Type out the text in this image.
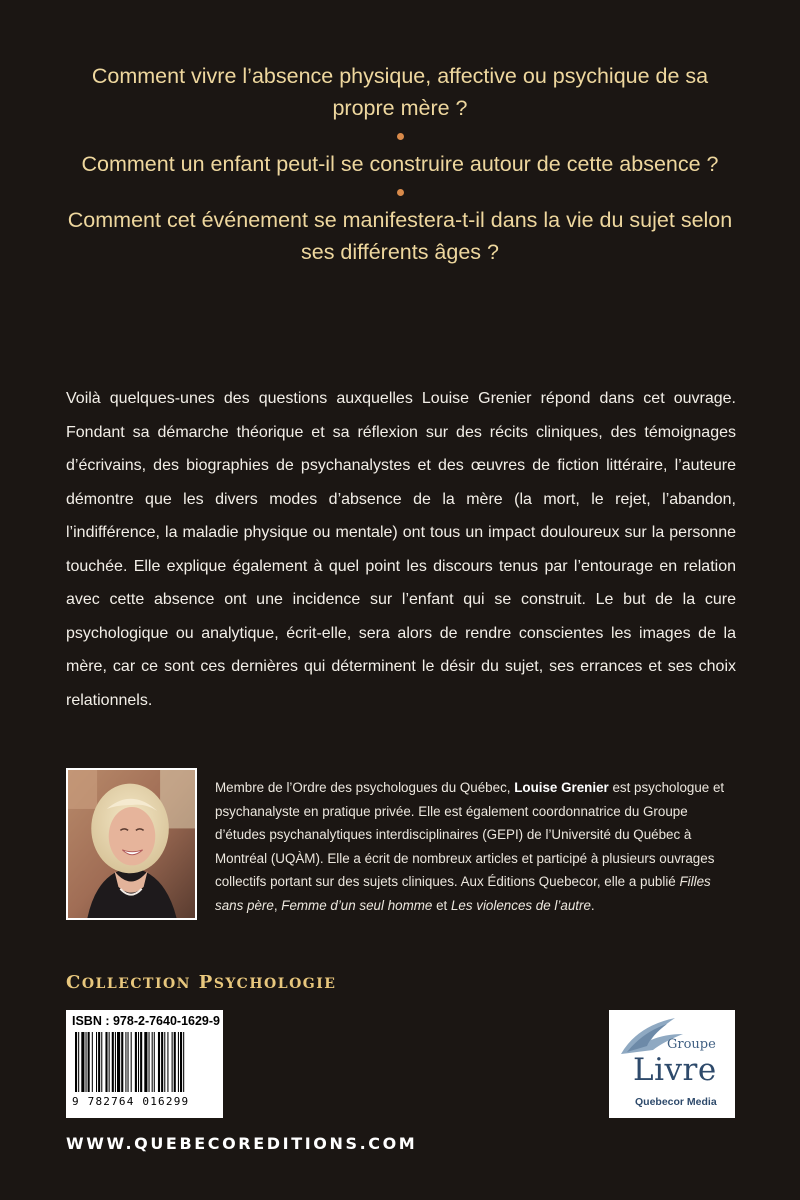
Comment vivre l’absence physique, affective ou psychique de sa propre mère ?

Comment un enfant peut-il se construire autour de cette absence ?

Comment cet événement se manifestera-t-il dans la vie du sujet selon ses différents âges ?

Voilà quelques-unes des questions auxquelles Louise Grenier répond dans cet ouvrage. Fondant sa démarche théorique et sa réflexion sur des récits cliniques, des témoignages d’écrivains, des biographies de psychanalystes et des œuvres de fiction littéraire, l’auteure démontre que les divers modes d’absence de la mère (la mort, le rejet, l’abandon, l’indifférence, la maladie physique ou mentale) ont tous un impact douloureux sur la personne touchée. Elle explique également à quel point les discours tenus par l’entourage en relation avec cette absence ont une incidence sur l’enfant qui se construit. Le but de la cure psychologique ou analytique, écrit-elle, sera alors de rendre conscientes les images de la mère, car ce sont ces dernières qui déterminent le désir du sujet, ses errances et ses choix relationnels.

Membre de l’Ordre des psychologues du Québec, Louise Grenier est psychologue et psychanalyste en pratique privée. Elle est également coordonnatrice du Groupe d’études psychanalytiques interdisciplinaires (GEPI) de l’Université du Québec à Montréal (UQÀM). Elle a écrit de nombreux articles et participé à plusieurs ouvrages collectifs portant sur des sujets cliniques. Aux Éditions Quebecor, elle a publié Filles sans père, Femme d’un seul homme et Les violences de l’autre.

COLLECTION PSYCHOLOGIE
ISBN : 978-2-7640-1629-9
9 782764 016299
Groupe
Livre
Quebecor Media
WWW.QUEBECOREDITIONS.COM
